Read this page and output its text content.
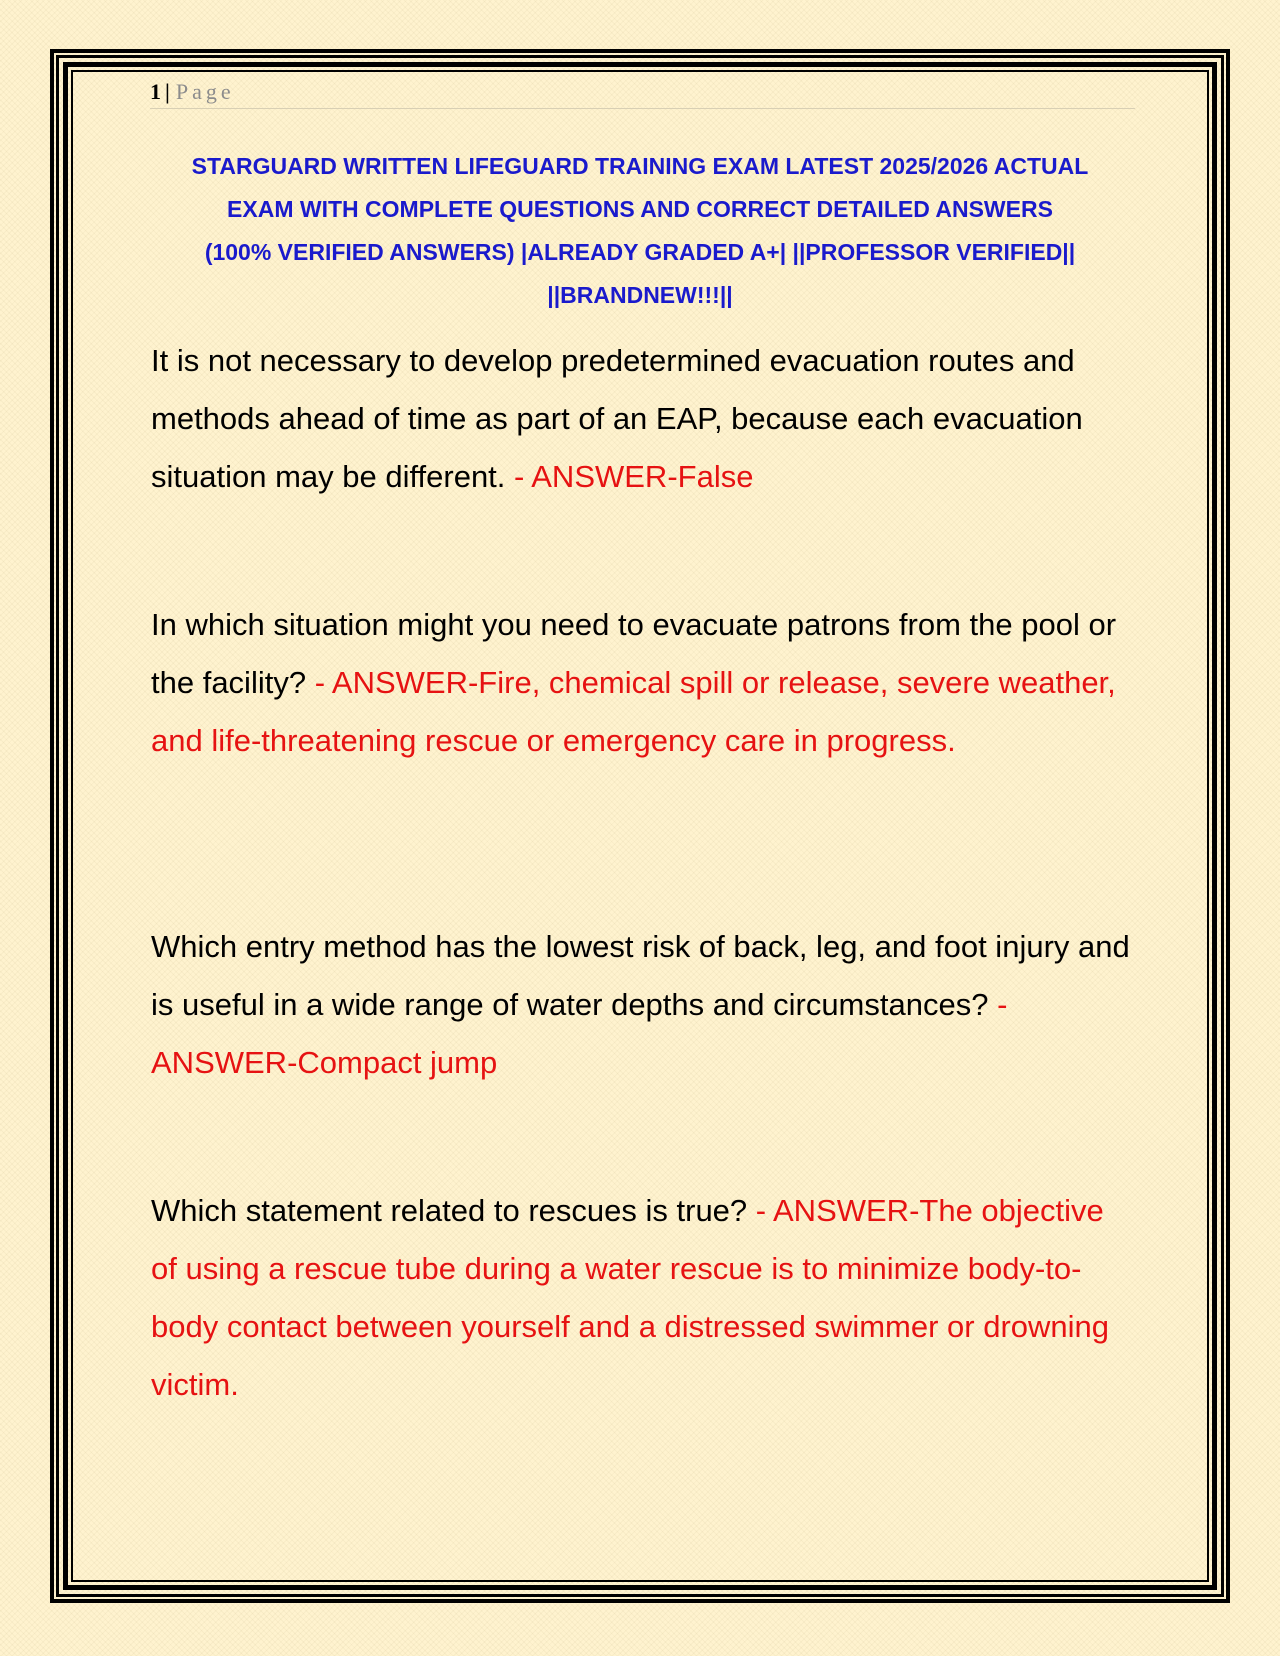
1 | Page

STARGUARD WRITTEN LIFEGUARD TRAINING EXAM LATEST 2025/2026 ACTUAL
EXAM WITH COMPLETE QUESTIONS AND CORRECT DETAILED ANSWERS
(100% VERIFIED ANSWERS) |ALREADY GRADED A+| ||PROFESSOR VERIFIED||
||BRANDNEW!!!||

It is not necessary to develop predetermined evacuation routes and methods ahead of time as part of an EAP, because each evacuation situation may be different. - ANSWER-False

In which situation might you need to evacuate patrons from the pool or the facility? - ANSWER-Fire, chemical spill or release, severe weather, and life-threatening rescue or emergency care in progress.

Which entry method has the lowest risk of back, leg, and foot injury and is useful in a wide range of water depths and circumstances? - ANSWER-Compact jump

Which statement related to rescues is true? - ANSWER-The objective of using a rescue tube during a water rescue is to minimize body-to-body contact between yourself and a distressed swimmer or drowning victim.
